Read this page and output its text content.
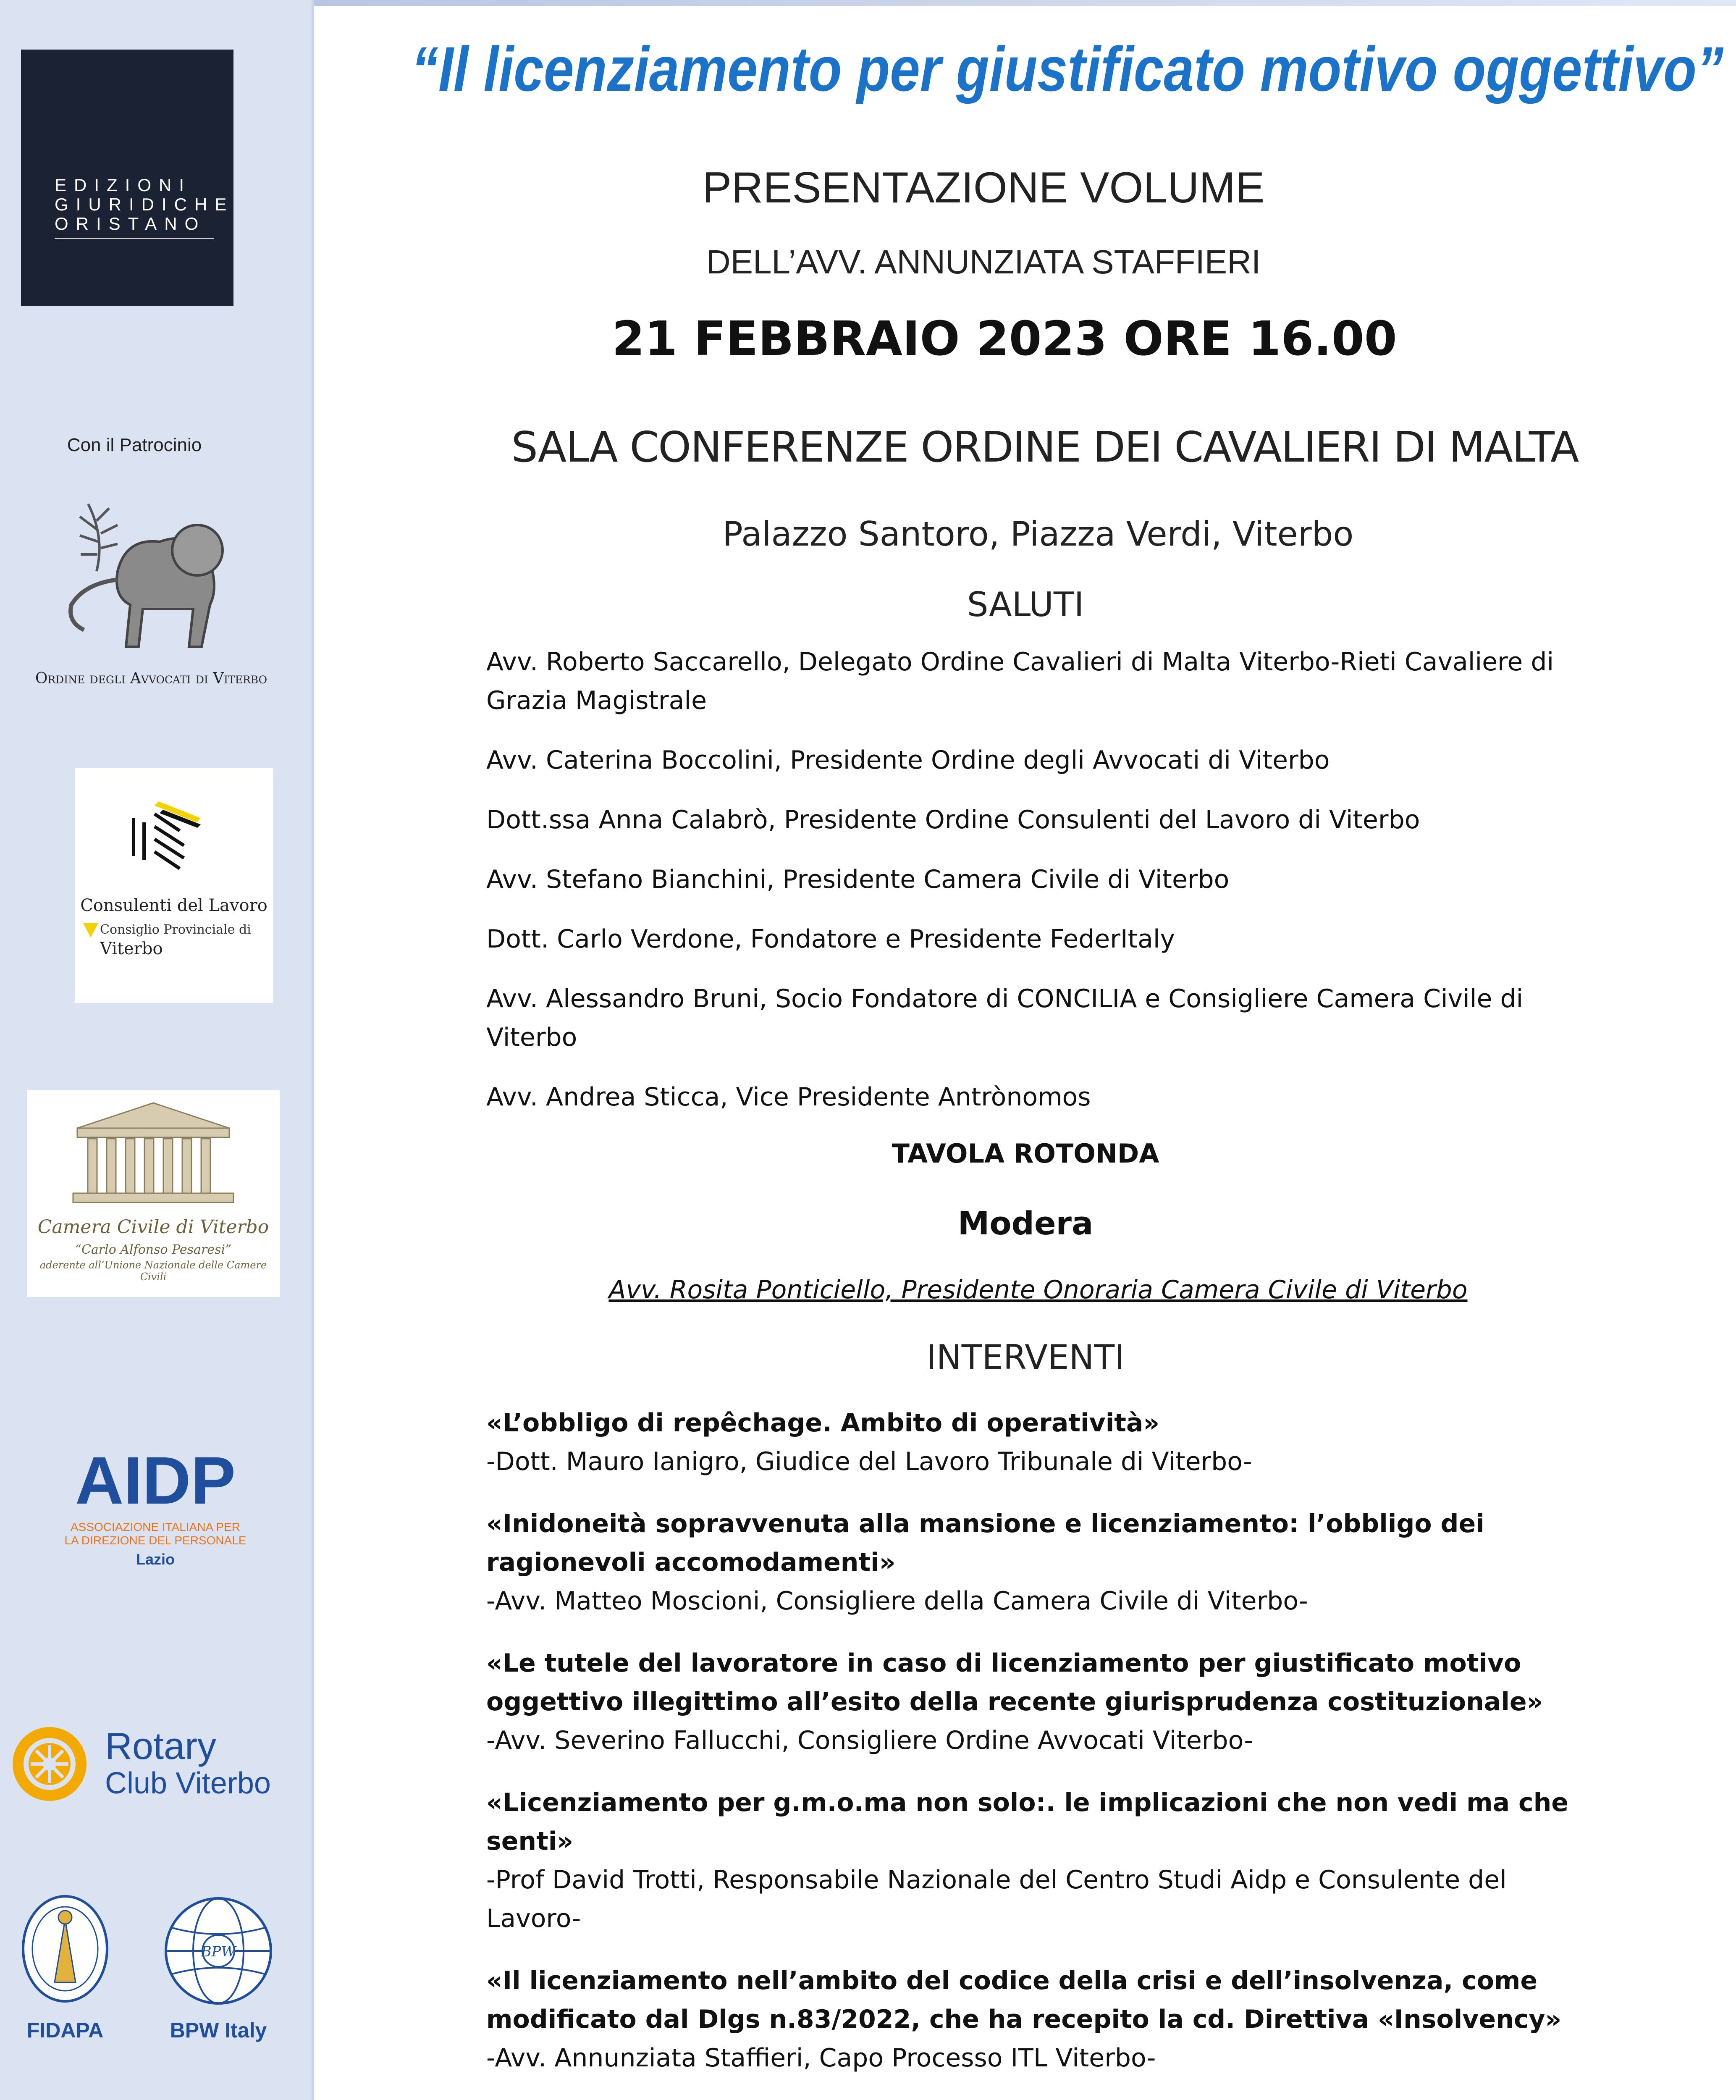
EDIZIONI
GIURIDICHE
ORISTANO
Con il Patrocinio
Ordine degli Avvocati di Viterbo
Consulenti del Lavoro
Consiglio Provinciale di
Viterbo
Camera Civile di Viterbo
“Carlo Alfonso Pesaresi”
aderente all’Unione Nazionale delle Camere Civili
AIDP
ASSOCIAZIONE ITALIANA PER
LA DIREZIONE DEL PERSONALE
Lazio
Rotary
Club Viterbo
FIDAPA
BPW
BPW Italy
“Il licenziamento per giustificato motivo oggettivo”
PRESENTAZIONE VOLUME
DELL’AVV. ANNUNZIATA STAFFIERI
21 FEBBRAIO 2023 ORE 16.00
SALA CONFERENZE ORDINE DEI CAVALIERI DI MALTA
Palazzo Santoro, Piazza Verdi, Viterbo
SALUTI
Avv. Roberto Saccarello, Delegato Ordine Cavalieri di Malta Viterbo-Rieti Cavaliere di Grazia Magistrale
Avv. Caterina Boccolini, Presidente Ordine degli Avvocati di Viterbo
Dott.ssa Anna Calabrò, Presidente Ordine Consulenti del Lavoro di Viterbo
Avv. Stefano Bianchini, Presidente Camera Civile di Viterbo
Dott. Carlo Verdone, Fondatore e Presidente FederItaly
Avv. Alessandro Bruni, Socio Fondatore di CONCILIA e Consigliere Camera Civile di Viterbo
Avv. Andrea Sticca, Vice Presidente Antrònomos
TAVOLA ROTONDA
Modera
Avv. Rosita Ponticiello, Presidente Onoraria Camera Civile di Viterbo
INTERVENTI
«L’obbligo di repêchage. Ambito di operatività»
-Dott. Mauro Ianigro, Giudice del Lavoro Tribunale di Viterbo-
«Inidoneità sopravvenuta alla mansione e licenziamento: l’obbligo dei ragionevoli accomodamenti»
-Avv. Matteo Moscioni, Consigliere della Camera Civile di Viterbo-
«Le tutele del lavoratore in caso di licenziamento per giustificato motivo oggettivo illegittimo all’esito della recente giurisprudenza costituzionale»
-Avv. Severino Fallucchi, Consigliere Ordine Avvocati Viterbo-
«Licenziamento per g.m.o.ma non solo:. le implicazioni che non vedi ma che senti»
-Prof David Trotti, Responsabile Nazionale del Centro Studi Aidp e Consulente del Lavoro-
«Il licenziamento nell’ambito del codice della crisi e dell’insolvenza, come modificato dal Dlgs n.83/2022, che ha recepito la cd. Direttiva «Insolvency»
-Avv. Annunziata Staffieri, Capo Processo ITL Viterbo-
